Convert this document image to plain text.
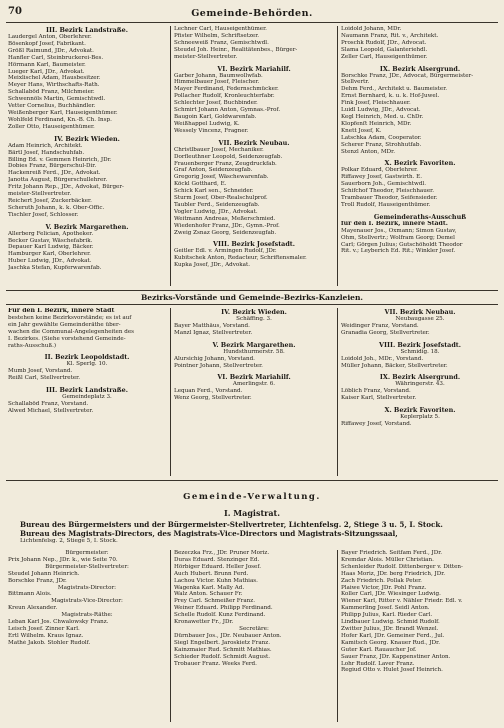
70	Gemeinde-Behörden.
III. Bezirk Landstraße.
Laudergel Anton, Oberlehrer.
Bösenkopf Josef, Fabrikant.
Größl Raimund, JDr., Advokat.
Hanfler Carl, Steinbruckerei-Bes.
Hörmann Karl, Baumeister.
Lueger Karl, JDr., Advokat.
Meixlischel Adam, Hausbesitzer.
Meyer Hans, Wirthschafts-Rath.
Schallaböd Franz, Milchmeier.
Schwennöls Martin, Gemischtwdl.
Vetter Cornelius, Buchhändler.
Weißenberger Karl, Hauseigenthümer.
Wohlfeld Ferdinand, Kn.-B. Ch. Insp.
Zoller Otto, Hauseigenthümer.
IV. Bezirk Wieden.
Adam Heinrich, Architekt.
Bärtl Josef, Handschuhfab.
Billing Ed. v. Gemmen Heinrich, JDr.
Dobies Franz, Bürgerschul-Dir.
Hackenreiß Ferd., JDr., Advokat.
Janotta August, Bürgerschullehrer.
Fritz Johann Rep., JDr., Advokat, Bürger-
meister-Stellvertreter.
Reichert Josef, Zuckerbäcker.
Scheruth Johann, k. k. Ober-Offic.
Tischler Josef, Schlosser.
V. Bezirk Margarethen.
Allerberg Felician, Apotheker.
Becker Gustav, Wäschefabrik.
Depauer Karl Ludwig, Bäcker.
Hamburger Karl, Oberlehrer.
Huber Ludwig, JDr., Advokat.
Jaschka Stefan, Kupferwarenfab.
Lechner Carl, Hauseigenthümer.
Pfister Wilhelm, Schriftsetzer.
Schneeweiß Franz, Gemischtwdl.
Steudel Joh. Heinr., Realitätenbes., Bürger-
meister-Stellvertreter.
VI. Bezirk Mariahilf.
Garber Johann, Baumwollwfab.
Himmelbauer Josef, Fleischer.
Mayer Ferdinand, Federnschmücker.
Pollacher Rudolf, Kronleuchterfabr.
Schlechter Josef, Buchbinder.
Schmirt Johann Anton, Gymnas.-Prof.
Baugoin Karl, Goldwarenfab.
Weißhappel Ludwig, K.
Wessely Vincenz, Fragner.
VII. Bezirk Neubau.
Christlbauer Josef, Mechaniker.
Dorfleuthner Leopold, Seidenzeugfab.
Frauenberger Franz, Zeugdruckfab.
Graf Anton, Seidenzeugfab.
Gregorig Josef, Wäschewarenfab.
Köckl Gotthard, E.
Schick Karl sen., Schneider.
Sturm Josef, Ober-Realschulprof.
Taubler Ferd., Seidenzeugfab.
Vogler Ludwig, JDr., Advokat.
Weitmann Andreas, Meßerschmied.
Wiedenhofer Franz, JDr., Gymn.-Prof.
Zweig Zsnaz Georg, Seidenzeugfab.
VIII. Bezirk Josefstadt.
Geitler Edl. v. Armingen Rudolf, JDr.
Kubitschek Anton, Redacteur, Schriftensmaler.
Kupka Josef, JDr., Advokat.
Loidold Johann, MDr.
Naumann Franz, Rit. v., Architekt.
Proschk Rudolf, JDr., Advocat.
Slama Leopold, Galanteriehdl.
Zeller Carl, Hauseigenthümer.
IX. Bezirk Alsergrund.
Borschke Franz, JDr., Advocat, Bürgermeister-
Stellvertr.
Dehm Ferd., Architekt u. Baumeister.
Ernst Bernhard, k. u. k. Hof-Juwel.
Fink Josef, Fleischhauer.
Luidl Ludwig, JDr., Advocat.
Kegl Heinrich, Med. u. ChDr.
Klopfenſt Heinrich, MDr.
Knett Josef, K.
Latschka Adam, Cooperator.
Scherer Franz, Strohhutfab.
Stenzl Anton, MDr.
X. Bezirk Favoriten.
Polkar Eduard, Oberlehrer.
Riffawey Josef, Gastwirth. E.
Sauerborn Joh., Gemischtwdl.
Schifchof Theodor, Fleischhauer.
Trambauer Theodor, Seifensieder.
Troll Rudolf, Hauseigenthümer.
Gemeinderaths-Ausschuß
für den I. Bezirk, innere Stadt.
Mayenauer Jos., Oxmann; Simon Gustav,
Ohm, Stellvertr.; Wolfram Georg; Demel
Carl; Görgen Julius; Gutschöholdt Theodor
Rit. v.; Leyberich Ed. Rit.; Winkler Josef.
Bezirks-Vorstände und Gemeinde-Bezirks-Kanzleien.
Für den I. Bezirk, innere Stadt
bestehen keine Bezirksvorstände; es ist auf
ein Jahr gewählte Gemeinderäthe über-
wachen die Communal-Angelegenheiten des
I. Bezirkes. (Siehe vorstehend Gemeinde-
raths-Ausschuß.)
II. Bezirk Leopoldstadt.
Kl. Sperlg. 10.
Mumb Josef, Vorstand.
Reißl Carl, Stellvertreter.
III. Bezirk Landstraße.
Gemeindeplatz 3.
Schallaböd Franz, Vorstand.
Alwed Michael, Stellvertreter.
IV. Bezirk Wieden.
Schäffing. 3.
Bayer Matthäus, Vorstand.
Manzl Ignaz, Stellvertreter.
V. Bezirk Margarethen.
Hundsthurmerstr. 58.
Alursichig Johann, Vorstand.
Pointner Johann, Stellvertreter.
VI. Bezirk Mariahilf.
Amerlingstr. 6.
Lequan Ferd., Vorstand.
Wenz Georg, Stellvertreter.
VII. Bezirk Neubau.
Neubaugasse 25.
Weidinger Franz, Vorstand.
Granadia Georg, Stellvertreter.
VIII. Bezirk Josefstadt.
Schmidig. 18.
Loidold Joh., MDr., Vorstand.
Müller Johann, Bäcker, Stellvertreter.
IX. Bezirk Alsergrund.
Währingerstr. 43.
Löblich Franz, Vorstand.
Kaiser Karl, Stellvertreter.
X. Bezirk Favoriten.
Keplerplatz 5.
Riffawey Josef, Vorstand.
Gemeinde-Verwaltung.
I. Magistrat.
Bureau des Bürgermeisters und der Bürgermeister-Stellvertreter, Lichtenfelsg. 2, Stiege 3 u. 5, I. Stock.
Bureau des Magistrats-Directors, des Magistrats-Vice-Directors und Magistrats-Sitzungssaal,
Lichtenfelsg. 2, Stiege 5, I. Stock.
Bürgermeister:
Prix Johann Nep., JDr. k., wie Seite 70.
Bürgermeister-Stellvertreter:
Steudel Johann Heinrich.
Borschke Franz, JDr.
Magistrats-Director:
Bittmann Alois.
Magistrats-Vice-Director:
Kreun Alexander.
Magistrats-Räthe:
Leban Karl Jos. Chwalowsky Franz.
Leisch Josef. Zinner Karl.
Ertl Wilhelm. Kraus Ignaz.
Mathé Jakob. Stohler Rudolf.
Bezeczka Frz., JDr. Pruner Moriz.
Duras Eduard. Stenzinger Ed.
Hörbiger Eduard. Heller Josef.
Auch Hubert. Brunn Ferd.
Lachou Victor. Kuhn Mathias.
Wagenka Karl. Mally Ad.
Walz Anton. Schauer Fr.
Prey Carl. Schmeißer Franz.
Weiner Eduard. Philipp Ferdinand.
Schelle Rudolf. Kunz Ferdinand.
Kronawetter Fr., JDr.
Secretäre:
Dürnbauer Jos., JDr. Neubauer Anton.
Siegl Engelbert. Jaroskietz Franz.
Kainzmaier Rud. Schmitt Mathias.
Schieder Rudolf. Schmidt August.
Trobauer Franz. Weeks Ferd.
Bayer Friedrich. Seitfam Ferd., JDr.
Kremdar Alois. Müller Christian.
Schenleider Rudolf. Dittenberger v. Ditten-
Haas Moriz, JDr. berg Friedrich, JDr.
Zach Friedrich. Pollak Peter.
Plaiwe Victor, JDr. Pohl Franz.
Koller Carl, JDr. Wiesinger Ludwig.
Wiener Karl, Ritter v. Nähler Friedr. Edl. v.
Kammerling Josef. Seidl Anton.
Philipp Julius, Karl. Rieder Carl.
Lindbauer Ludwig. Schmid Rudolf.
Zwitter Julius, JDr. Brandl Wenzel.
Hofer Karl, JDr. Gemeiner Ferd., Jul.
Kamitsch Georg. Knauer Rud., JDr.
Guter Karl. Rauaucher Jof.
Sauer Franz, JDr. Kappenstiner Anton.
Lohr Rudolf. Laver Franz.
Regiud Otto v. Hulet Josef Heinrich.
